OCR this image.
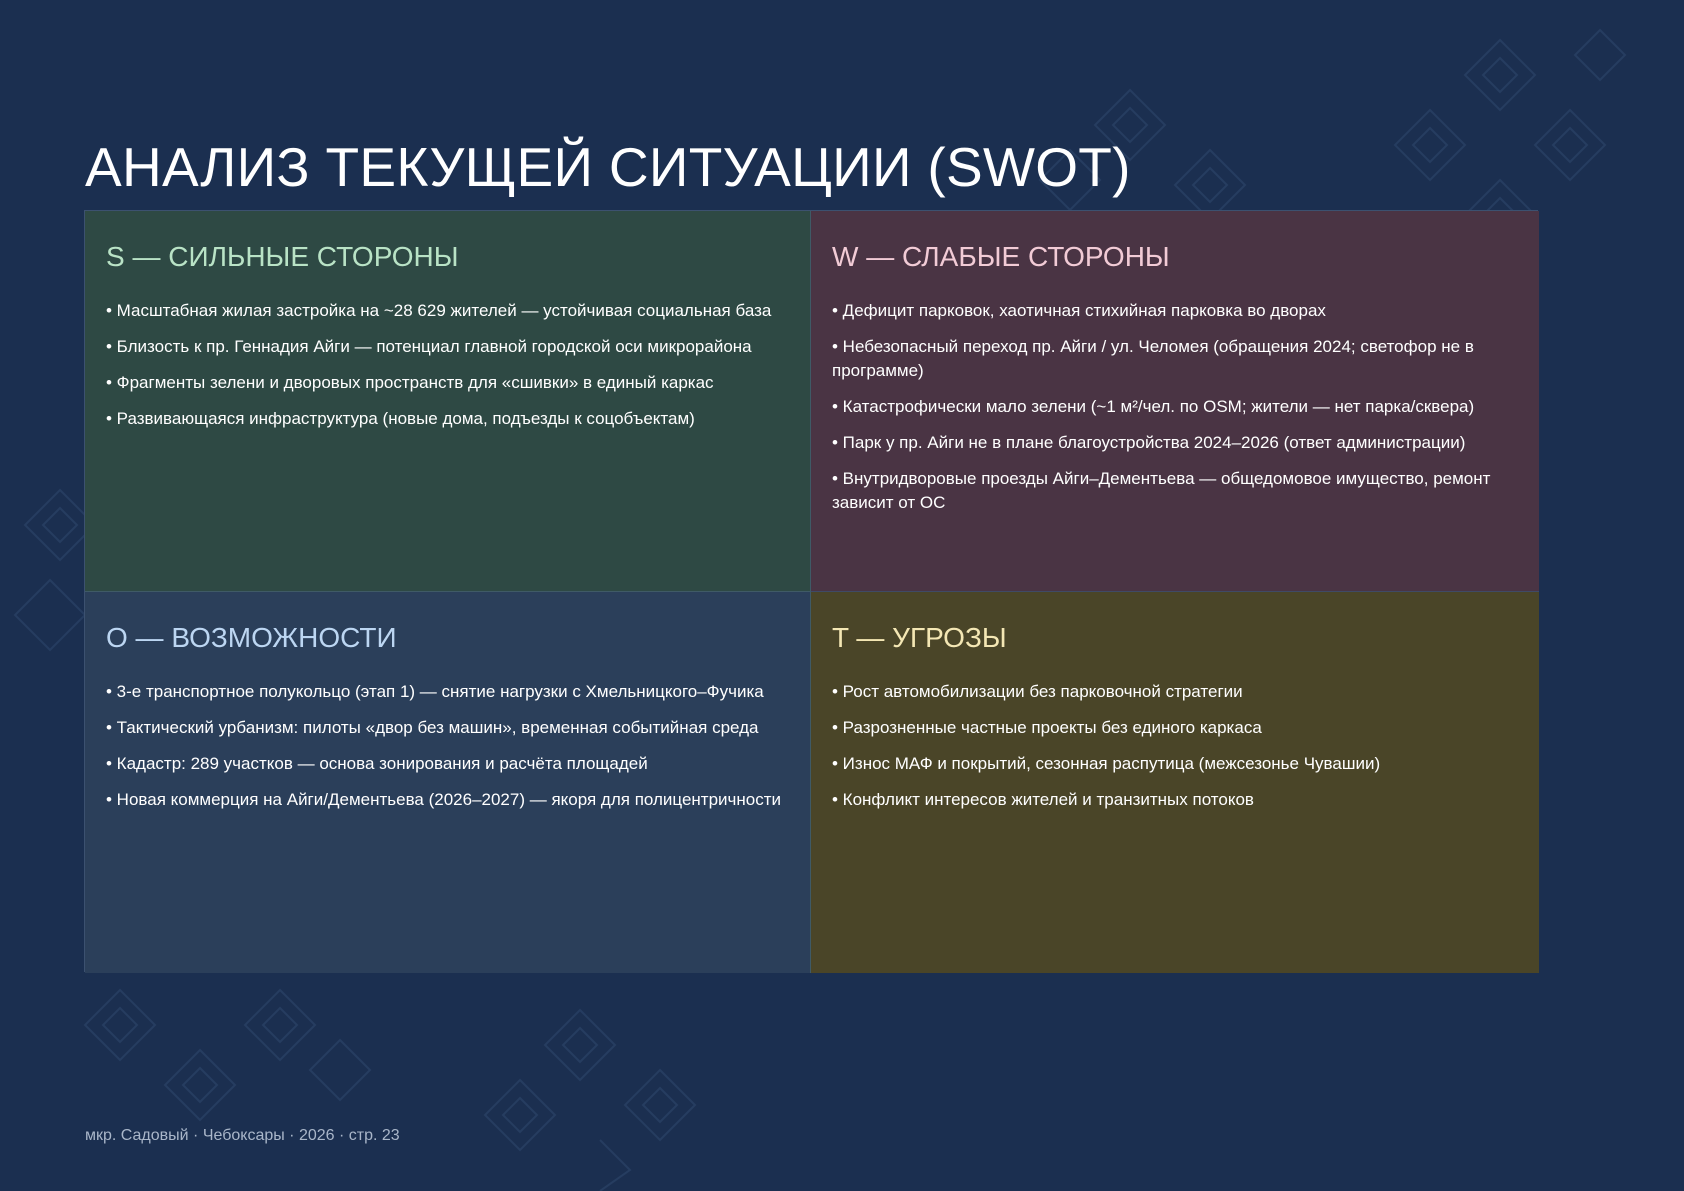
АНАЛИЗ ТЕКУЩЕЙ СИТУАЦИИ (SWOT)
S — СИЛЬНЫЕ СТОРОНЫ
• Масштабная жилая застройка на ~28 629 жителей — устойчивая социальная база
• Близость к пр. Геннадия Айги — потенциал главной городской оси микрорайона
• Фрагменты зелени и дворовых пространств для «сшивки» в единый каркас
• Развивающаяся инфраструктура (новые дома, подъезды к соцобъектам)
W — СЛАБЫЕ СТОРОНЫ
• Дефицит парковок, хаотичная стихийная парковка во дворах
• Небезопасный переход пр. Айги / ул. Челомея (обращения 2024; светофор не в программе)
• Катастрофически мало зелени (~1 м²/чел. по OSM; жители — нет парка/сквера)
• Парк у пр. Айги не в плане благоустройства 2024–2026 (ответ администрации)
• Внутридворовые проезды Айги–Дементьева — общедомовое имущество, ремонт зависит от ОС
O — ВОЗМОЖНОСТИ
• 3-е транспортное полукольцо (этап 1) — снятие нагрузки с Хмельницкого–Фучика
• Тактический урбанизм: пилоты «двор без машин», временная событийная среда
• Кадастр: 289 участков — основа зонирования и расчёта площадей
• Новая коммерция на Айги/Дементьева (2026–2027) — якоря для полицентричности
T — УГРОЗЫ
• Рост автомобилизации без парковочной стратегии
• Разрозненные частные проекты без единого каркаса
• Износ МАФ и покрытий, сезонная распутица (межсезонье Чувашии)
• Конфликт интересов жителей и транзитных потоков
мкр. Садовый · Чебоксары · 2026 · стр. 23
